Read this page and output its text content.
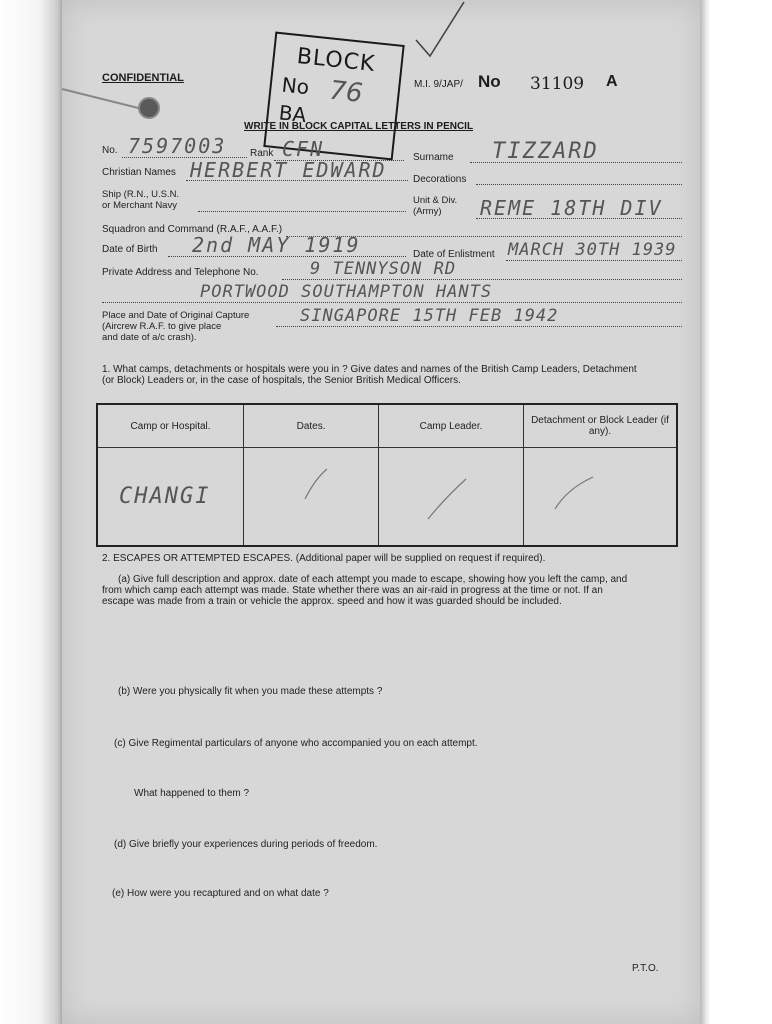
CONFIDENTIAL
BLOCK
No 76
BA
M.I. 9/JAP/ No 31109 A
WRITE IN BLOCK CAPITAL LETTERS IN PENCIL
No. 7597003 Rank CFN	Surname TIZZARD
Christian Names HERBERT EDWARD	Decorations
Ship (R.N., U.S.N.
or Merchant Navy	Unit & Div.
(Army)	REME 18TH DIV
Squadron and Command (R.A.F., A.A.F.)
Date of Birth 2nd MAY 1919	Date of Enlistment MARCH 30TH 1939
Private Address and Telephone No.	9 TENNYSON RD
PORTWOOD SOUTHAMPTON HANTS
Place and Date of Original Capture
(Aircrew R.A.F. to give place
and date of a/c crash).
SINGAPORE 15TH FEB 1942
1. What camps, detachments or hospitals were you in ? Give dates and names of the British Camp Leaders, Detachment
(or Block) Leaders or, in the case of hospitals, the Senior British Medical Officers.
Camp or Hospital.	Dates.	Camp Leader.	Detachment or Block Leader (if any).
CHANGI			
2. ESCAPES OR ATTEMPTED ESCAPES. (Additional paper will be supplied on request if required).
(a) Give full description and approx. date of each attempt you made to escape, showing how you left the camp, and
from which camp each attempt was made. State whether there was an air-raid in progress at the time or not. If an
escape was made from a train or vehicle the approx. speed and how it was guarded should be included.
(b) Were you physically fit when you made these attempts ?
(c) Give Regimental particulars of anyone who accompanied you on each attempt.
What happened to them ?
(d) Give briefly your experiences during periods of freedom.
(e) How were you recaptured and on what date ?
P.T.O.
